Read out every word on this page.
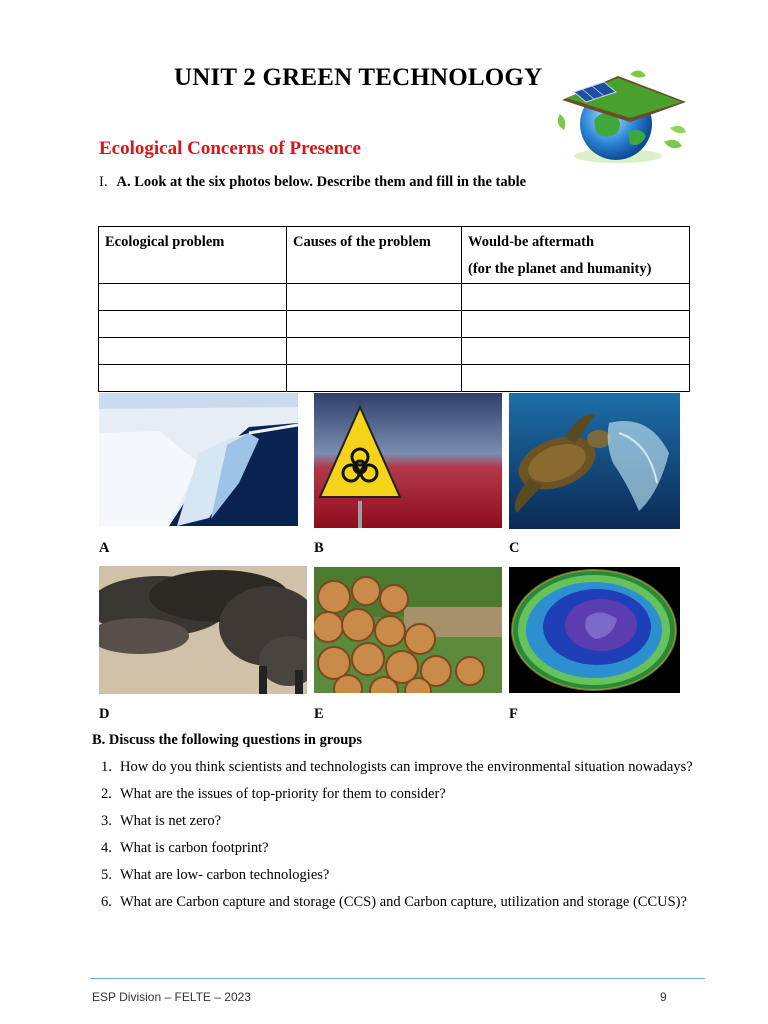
UNIT 2 GREEN TECHNOLOGY
Ecological Concerns of Presence
I. A. Look at the six photos below. Describe them and fill in the table
Ecological problem	Causes of the problem	Would-be aftermath
(for the planet and humanity)

A	B	C
D	E	F
B. Discuss the following questions in groups
1. How do you think scientists and technologists can improve the environmental situation nowadays?
2. What are the issues of top-priority for them to consider?
3. What is net zero?
4. What is carbon footprint?
5. What are low- carbon technologies?
6. What are Carbon capture and storage (CCS) and Carbon capture, utilization and storage (CCUS)?
ESP Division – FELTE – 2023	9
